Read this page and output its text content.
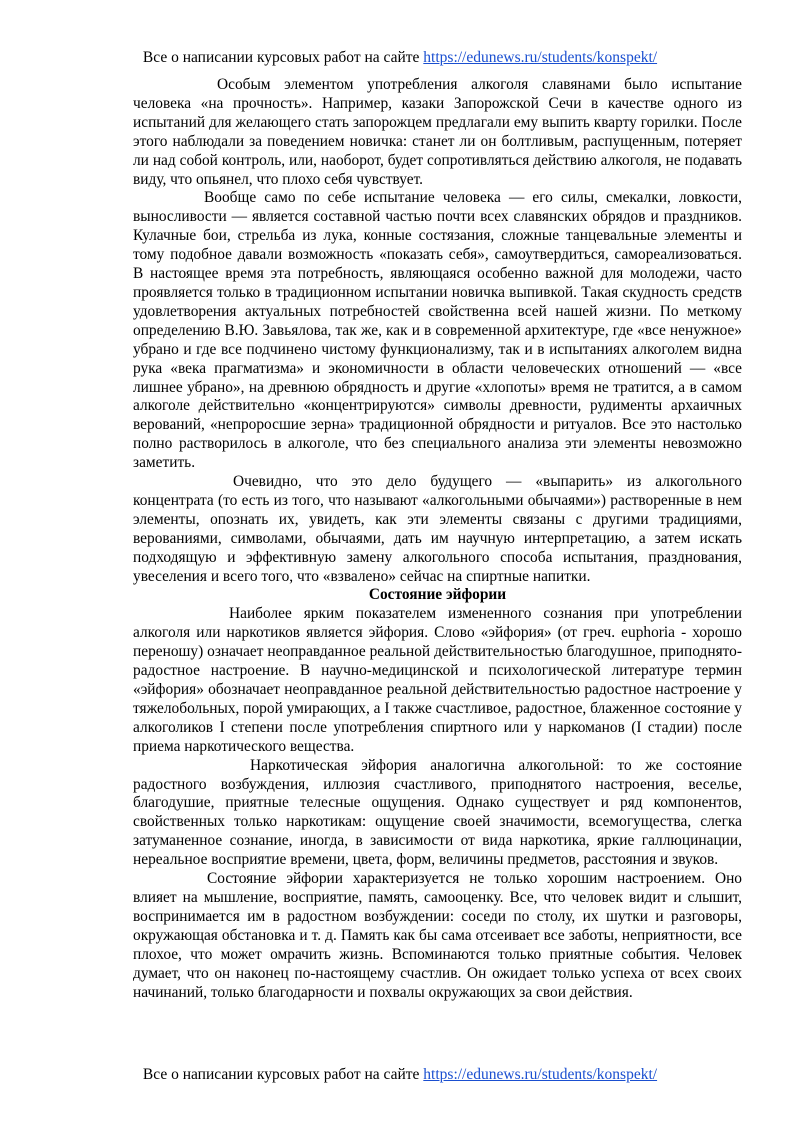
Все о написании курсовых работ на сайте https://edunews.ru/students/konspekt/

Особым элементом употребления алкоголя славянами было испытание человека «на прочность». Например, казаки Запорожской Сечи в качестве одного из испытаний для желающего стать запорожцем предлагали ему выпить кварту горилки. После этого наблюдали за поведением новичка: станет ли он болтливым, распущенным, потеряет ли над собой контроль, или, наоборот, будет сопротивляться действию алкоголя, не подавать виду, что опьянел, что плохо себя чувствует.

Вообще само по себе испытание человека — его силы, смекалки, ловкости, выносливости — является составной частью почти всех славянских обрядов и праздников. Кулачные бои, стрельба из лука, конные состязания, сложные танцевальные элементы и тому подобное давали возможность «показать себя», самоутвердиться, самореализоваться. В настоящее время эта потребность, являющаяся особенно важной для молодежи, часто проявляется только в традиционном испытании новичка выпивкой. Такая скудность средств удовлетворения актуальных потребностей свойственна всей нашей жизни. По меткому определению В.Ю. Завьялова, так же, как и в современной архитектуре, где «все ненужное» убрано и где все подчинено чистому функционализму, так и в испытаниях алкоголем видна рука «века прагматизма» и экономичности в области человеческих отношений — «все лишнее убрано», на древнюю обрядность и другие «хлопоты» время не тратится, а в самом алкоголе действительно «концентрируются» символы древности, рудименты архаичных верований, «непроросшие зерна» традиционной обрядности и ритуалов. Все это настолько полно растворилось в алкоголе, что без специального анализа эти элементы невозможно заметить.

Очевидно, что это дело будущего — «выпарить» из алкогольного концентрата (то есть из того, что называют «алкогольными обычаями») растворенные в нем элементы, опознать их, увидеть, как эти элементы связаны с другими традициями, верованиями, символами, обычаями, дать им научную интерпретацию, а затем искать подходящую и эффективную замену алкогольного способа испытания, празднования, увеселения и всего того, что «взвалено» сейчас на спиртные напитки.

Состояние эйфории

Наиболее ярким показателем измененного сознания при употреблении алкоголя или наркотиков является эйфория. Слово «эйфория» (от греч. euphoria - хорошо переношу) означает неоправданное реальной действительностью благодушное, приподнято-радостное настроение. В научно-медицинской и психологической литературе термин «эйфория» обозначает неоправданное реальной действительностью радостное настроение у тяжелобольных, порой умирающих, а I также счастливое, радостное, блаженное состояние у алкоголиков I степени после употребления спиртного или у наркоманов (I стадии) после приема наркотического вещества.

Наркотическая эйфория аналогична алкогольной: то же состояние радостного возбуждения, иллюзия счастливого, приподнятого настроения, веселье, благодушие, приятные телесные ощущения. Однако существует и ряд компонентов, свойственных только наркотикам: ощущение своей значимости, всемогущества, слегка затуманенное сознание, иногда, в зависимости от вида наркотика, яркие галлюцинации, нереальное восприятие времени, цвета, форм, величины предметов, расстояния и звуков.

Состояние эйфории характеризуется не только хорошим настроением. Оно влияет на мышление, восприятие, память, самооценку. Все, что человек видит и слышит, воспринимается им в радостном возбуждении: соседи по столу, их шутки и разговоры, окружающая обстановка и т. д. Память как бы сама отсеивает все заботы, неприятности, все плохое, что может омрачить жизнь. Вспоминаются только приятные события. Человек думает, что он наконец по-настоящему счастлив. Он ожидает только успеха от всех своих начинаний, только благодарности и похвалы окружающих за свои действия.

Все о написании курсовых работ на сайте https://edunews.ru/students/konspekt/
